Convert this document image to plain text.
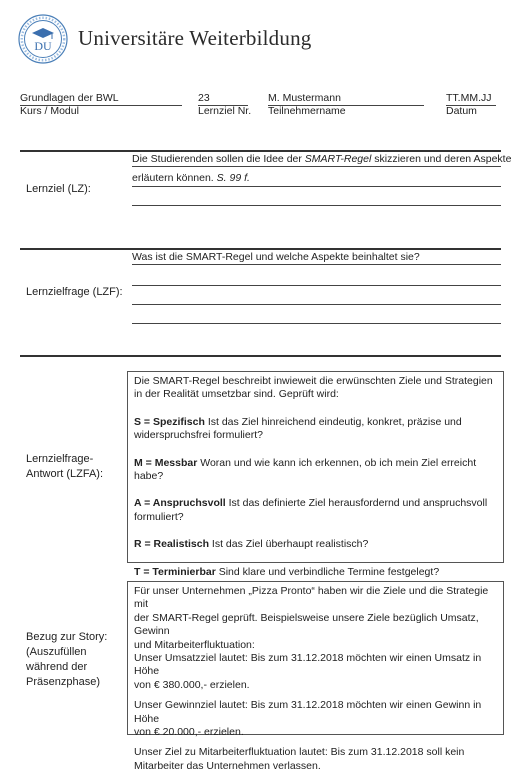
DU Universitäre Weiterbildung
Grundlagen der BWL
Kurs / Modul
23
Lernziel Nr.
M. Mustermann
Teilnehmername
TT.MM.JJ
Datum
Lernziel (LZ):
Die Studierenden sollen die Idee der SMART-Regel skizzieren und deren Aspekte
erläutern können. S. 99 f.
Lernzielfrage (LZF):
Was ist die SMART-Regel und welche Aspekte beinhaltet sie?
Lernzielfrage-
Antwort (LZFA):

Die SMART-Regel beschreibt inwieweit die erwünschten Ziele und Strategien

in der Realität umsetzbar sind. Geprüft wird:

S = Spezifisch Ist das Ziel hinreichend eindeutig, konkret, präzise und

widerspruchsfrei formuliert?

M = Messbar Woran und wie kann ich erkennen, ob ich mein Ziel erreicht habe?

A = Anspruchsvoll Ist das definierte Ziel herausfordernd und anspruchsvoll

formuliert?

R = Realistisch Ist das Ziel überhaupt realistisch?

T = Terminierbar Sind klare und verbindliche Termine festgelegt?

Bezug zur Story:
(Auszufüllen
während der
Präsenzphase)

Für unser Unternehmen „Pizza Pronto“ haben wir die Ziele und die Strategie mit

der SMART-Regel geprüft. Beispielsweise unsere Ziele bezüglich Umsatz, Gewinn

und Mitarbeiterfluktuation:

Unser Umsatzziel lautet: Bis zum 31.12.2018 möchten wir einen Umsatz in Höhe

von € 380.000,- erzielen.

Unser Gewinnziel lautet: Bis zum 31.12.2018 möchten wir einen Gewinn in Höhe

von € 20.000,- erzielen.

Unser Ziel zu Mitarbeiterfluktuation lautet: Bis zum 31.12.2018 soll kein

Mitarbeiter das Unternehmen verlassen.
